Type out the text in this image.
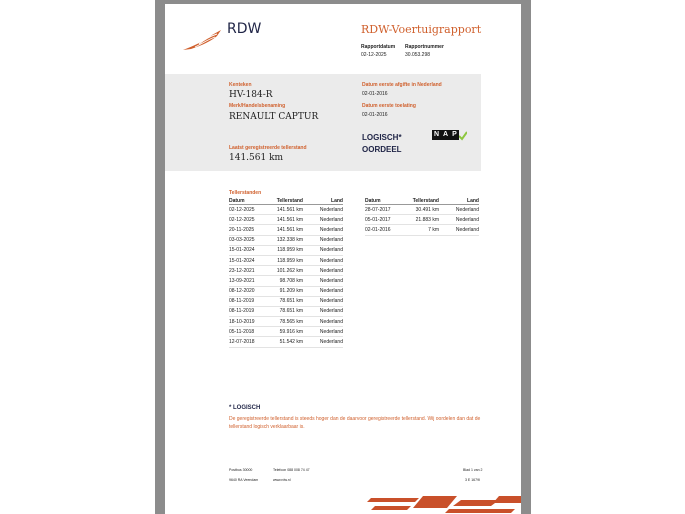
RDW	RDW-Voertuigrapport
Rapportdatum Rapportnummer
02-12-2025	30.053.298
Kenteken
HV-184-R
Merk/Handelsbenaming
RENAULT CAPTUR
Laatst geregistreerde tellerstand
141.561 km
Datum eerste afgifte in Nederland
02-01-2016
Datum eerste toelating
02-01-2016
LOGISCH*
OORDEEL
N A P
Tellerstanden
Datum	Tellerstand	Land
02-12-2025	141.561 km	Nederland
02-12-2025	141.561 km	Nederland
20-11-2025	141.561 km	Nederland
03-03-2025	132.338 km	Nederland
15-01-2024	118.959 km	Nederland
15-01-2024	118.959 km	Nederland
23-12-2021	101.262 km	Nederland
13-09-2021	98.708 km	Nederland
08-12-2020	91.209 km	Nederland
08-11-2019	78.651 km	Nederland
08-11-2019	78.651 km	Nederland
18-10-2019	78.565 km	Nederland
05-11-2018	59.916 km	Nederland
12-07-2018	51.542 km	Nederland
Datum	Tellerstand	Land
28-07-2017	30.491 km	Nederland
05-01-2017	21.883 km	Nederland
02-01-2016	7 km	Nederland
* LOGISCH
De geregistreerde tellerstand is steeds hoger dan de daarvoor geregistreerde tellerstand. Wij oordelen dan dat de tellerstand logisch verklaarbaar is.
Postbus 30000
9640 RA Veendam
Telefoon 088 008 74 47
www.rdw.nl
Blad 1 van 2
3 E 1679I
